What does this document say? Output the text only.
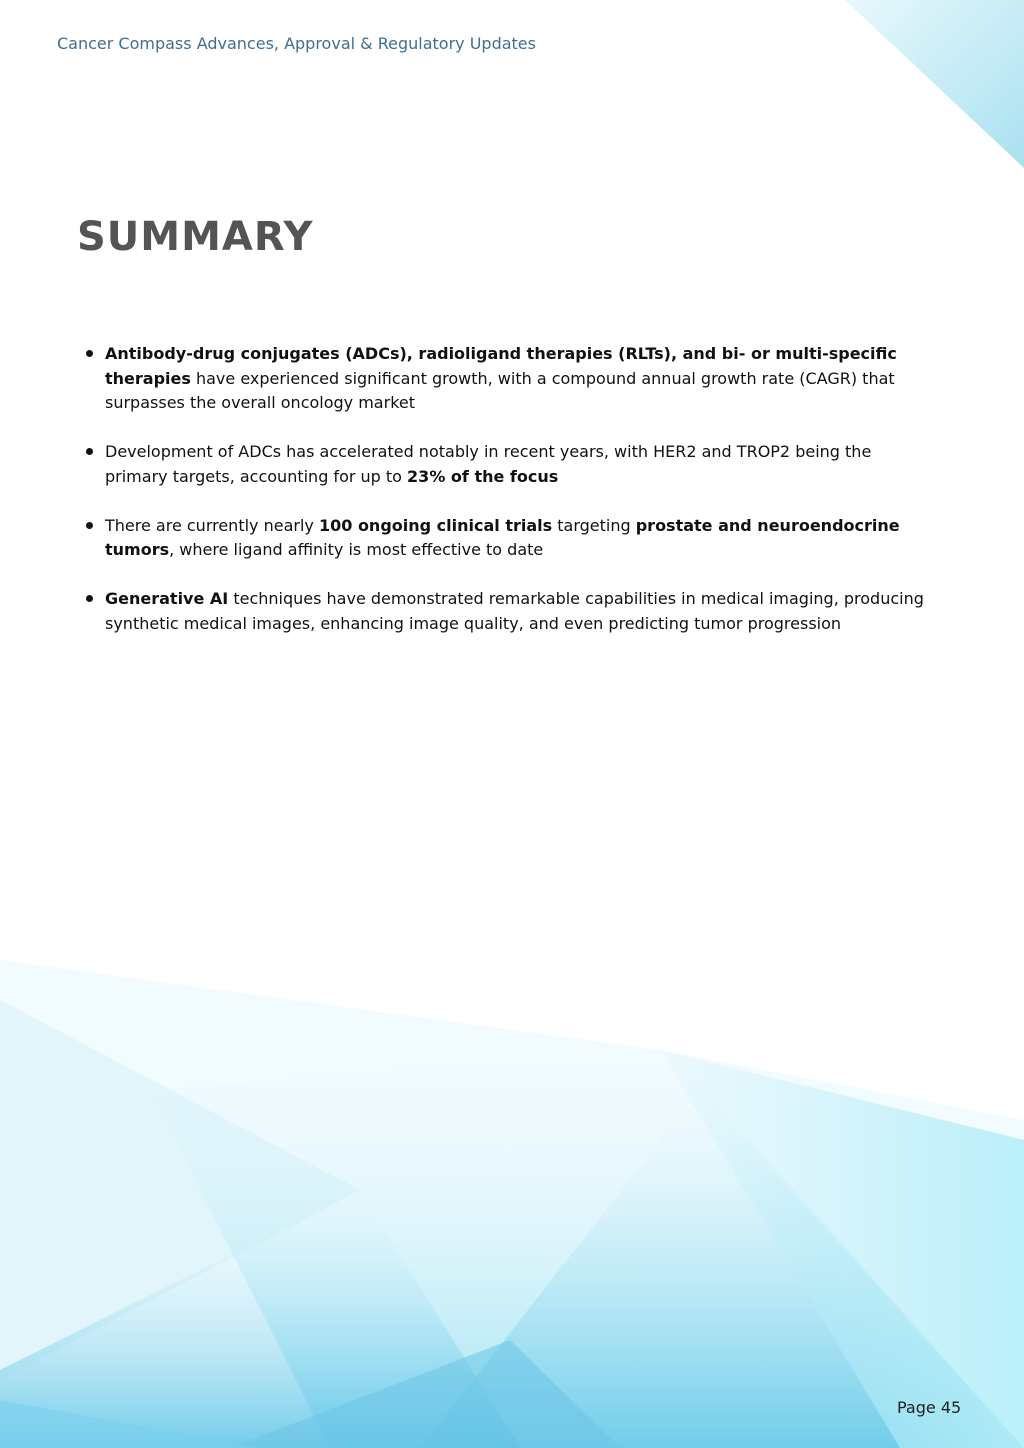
Cancer Compass Advances, Approval & Regulatory Updates
SUMMARY
Antibody-drug conjugates (ADCs), radioligand therapies (RLTs), and bi- or multi-specific therapies have experienced significant growth, with a compound annual growth rate (CAGR) that surpasses the overall oncology market
Development of ADCs has accelerated notably in recent years, with HER2 and TROP2 being the primary targets, accounting for up to 23% of the focus
There are currently nearly 100 ongoing clinical trials targeting prostate and neuroendocrine tumors, where ligand affinity is most effective to date
Generative AI techniques have demonstrated remarkable capabilities in medical imaging, producing synthetic medical images, enhancing image quality, and even predicting tumor progression
Page 45
